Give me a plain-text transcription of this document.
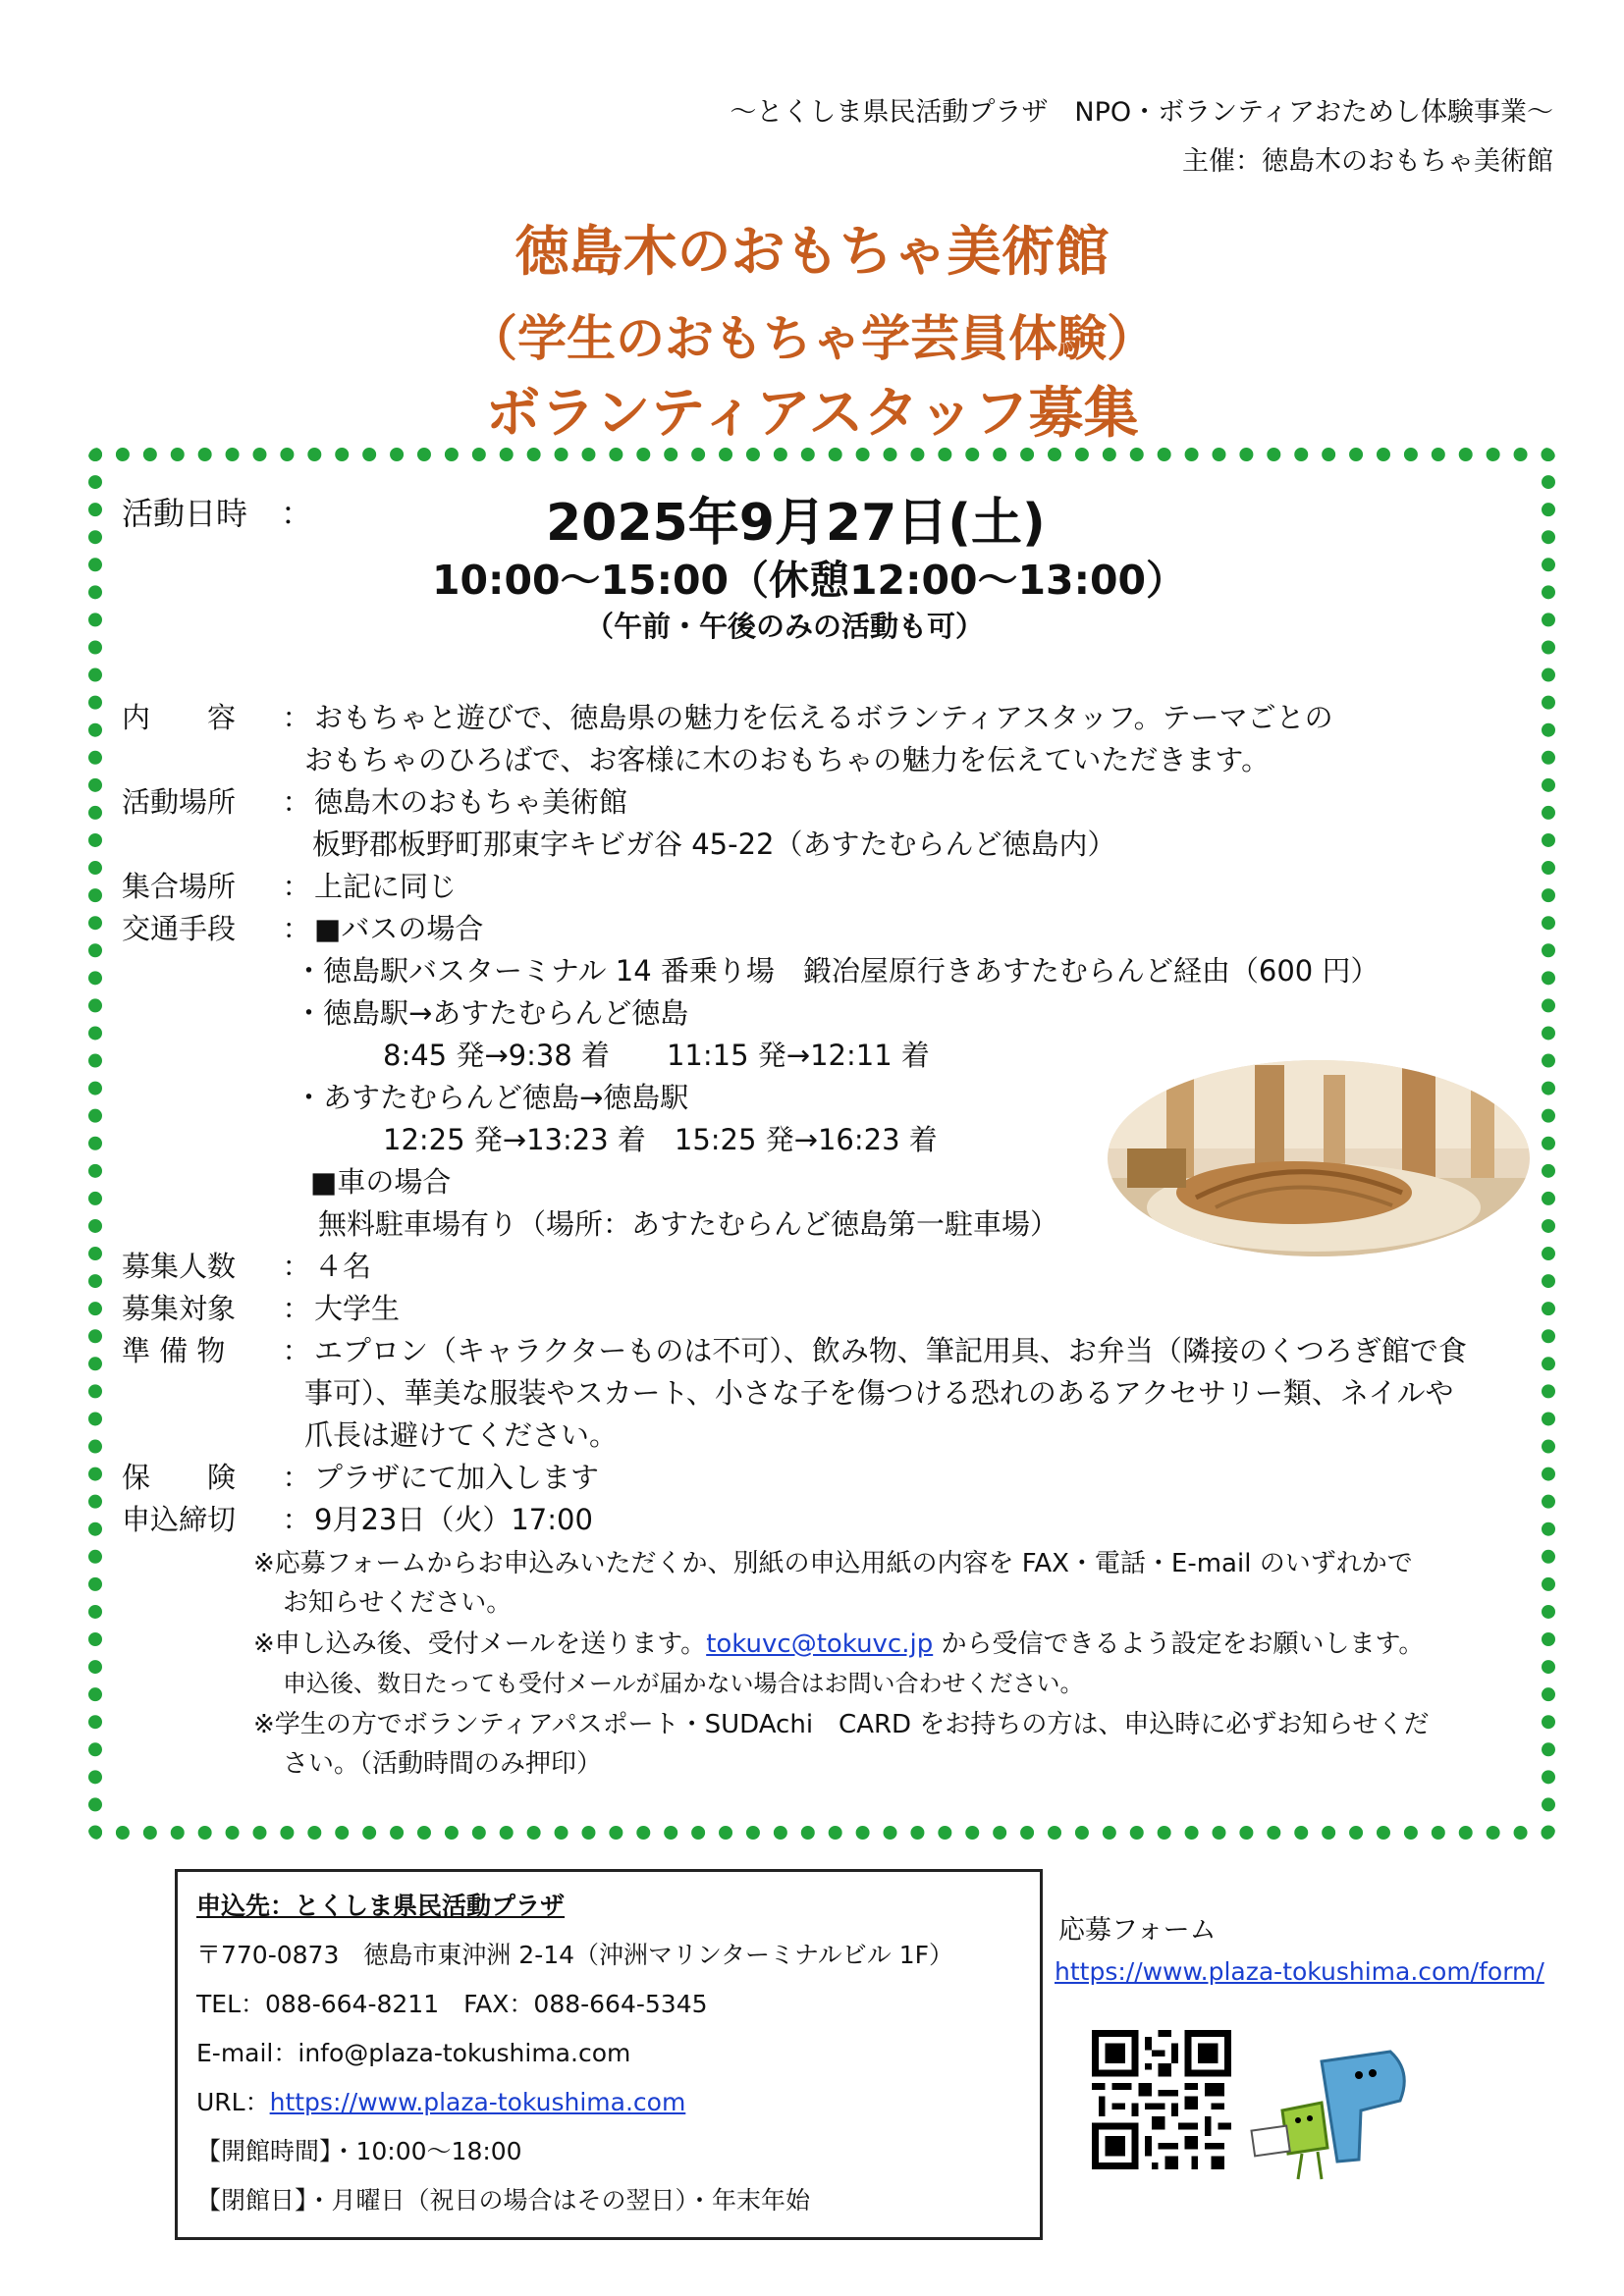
～とくしま県民活動プラザ　NPO・ボランティアおためし体験事業～
主催：徳島木のおもちゃ美術館
徳島木のおもちゃ美術館
（学生のおもちゃ学芸員体験）
ボランティアスタッフ募集
活動日時 ：	2025年9月27日(土)
10:00～15:00（休憩12:00～13:00）
（午前・午後のみの活動も可）
内　　容 ： おもちゃと遊びで、徳島県の魅力を伝えるボランティアスタッフ。テーマごとの
おもちゃのひろばで、お客様に木のおもちゃの魅力を伝えていただきます。
活動場所 ： 徳島木のおもちゃ美術館
板野郡板野町那東字キビガ谷 45-22（あすたむらんど徳島内）
集合場所 ： 上記に同じ
交通手段 ： ■バスの場合
・徳島駅バスターミナル 14 番乗り場　鍛冶屋原行きあすたむらんど経由（600 円）
・徳島駅→あすたむらんど徳島
8:45 発→9:38 着　　11:15 発→12:11 着
・あすたむらんど徳島→徳島駅
12:25 発→13:23 着　15:25 発→16:23 着
■車の場合
無料駐車場有り（場所：あすたむらんど徳島第一駐車場）
募集人数 ： ４名
募集対象 ： 大学生
準 備 物 ： エプロン（キャラクターものは不可）、飲み物、筆記用具、お弁当（隣接のくつろぎ館で食
事可）、華美な服装やスカート、小さな子を傷つける恐れのあるアクセサリー類、ネイルや
爪長は避けてください。
保　　険 ： プラザにて加入します
申込締切 ： 9月23日（火）17:00
※応募フォームからお申込みいただくか、別紙の申込用紙の内容を FAX・電話・E-mail のいずれかで
お知らせください。
※申し込み後、受付メールを送ります。tokuvc@tokuvc.jp から受信できるよう設定をお願いします。
申込後、数日たっても受付メールが届かない場合はお問い合わせください。
※学生の方でボランティアパスポート・SUDAchi　CARD をお持ちの方は、申込時に必ずお知らせくだ
さい。（活動時間のみ押印）
申込先：とくしま県民活動プラザ
〒770-0873　徳島市東沖洲 2-14（沖洲マリンターミナルビル 1F）
TEL：088-664-8211　FAX：088-664-5345
E-mail：info@plaza-tokushima.com
URL：https://www.plaza-tokushima.com
【開館時間】・10:00～18:00
【閉館日】・月曜日（祝日の場合はその翌日）・年末年始
応募フォーム
https://www.plaza-tokushima.com/form/
